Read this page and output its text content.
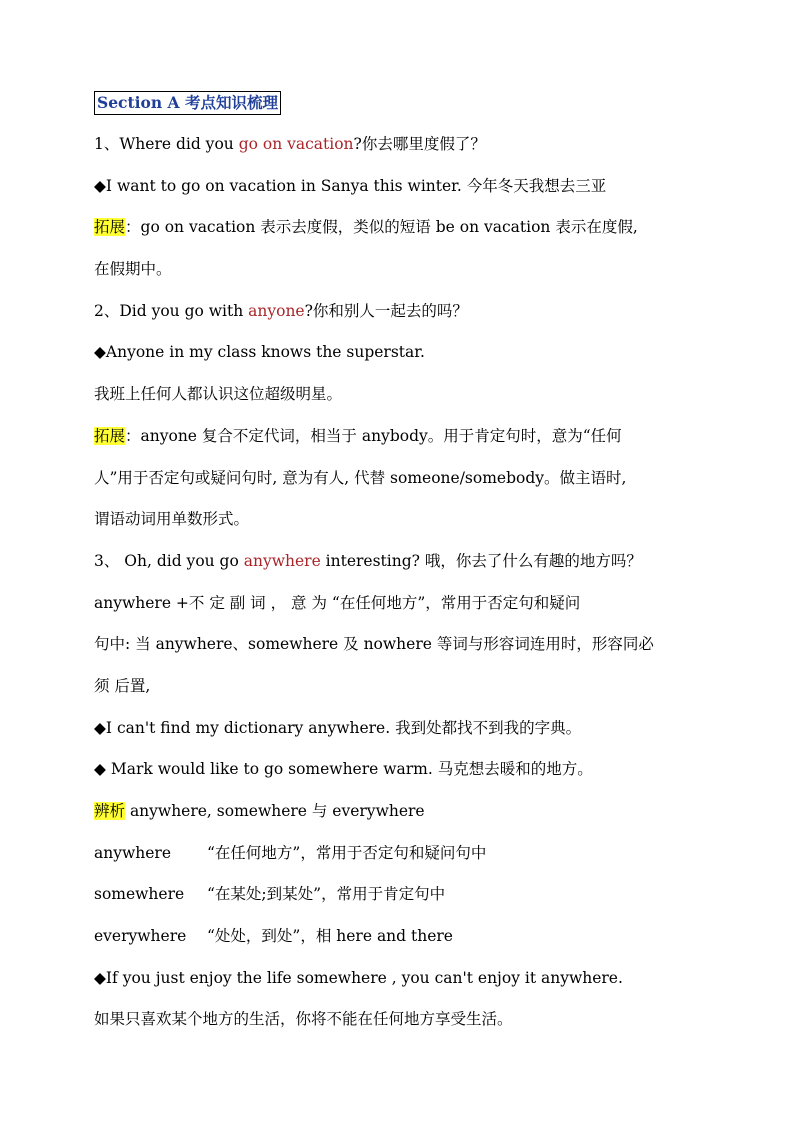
Section A 考点知识梳理
1、Where did you go on vacation?你去哪里度假了？
◆I want to go on vacation in Sanya this winter. 今年冬天我想去三亚
拓展：go on vacation 表示去度假，类似的短语 be on vacation 表示在度假,
在假期中。
2、Did you go with anyone?你和别人一起去的吗？
◆Anyone in my class knows the superstar.
我班上任何人都认识这位超级明星。
拓展：anyone 复合不定代词，相当于 anybody。用于肯定句时，意为“任何
人”用于否定句或疑问句时, 意为有人, 代替 someone/somebody。做主语时,
谓语动词用单数形式。
3、 Oh, did you go anywhere interesting? 哦，你去了什么有趣的地方吗？
anywhere +不 定 副 词 ， 意 为 “在任何地方”，常用于否定句和疑问
句中: 当 anywhere、somewhere 及 nowhere 等词与形容词连用时，形容同必
须 后置,
◆I can't find my dictionary anywhere. 我到处都找不到我的字典。
◆ Mark would like to go somewhere warm. 马克想去暖和的地方。
辨析 anywhere, somewhere 与 everywhere
anywhere “在任何地方”，常用于否定句和疑问句中
somewhere “在某处;到某处”，常用于肯定句中
everywhere “处处，到处”，相 here and there
◆If you just enjoy the life somewhere , you can't enjoy it anywhere.
如果只喜欢某个地方的生活，你将不能在任何地方享受生活。
